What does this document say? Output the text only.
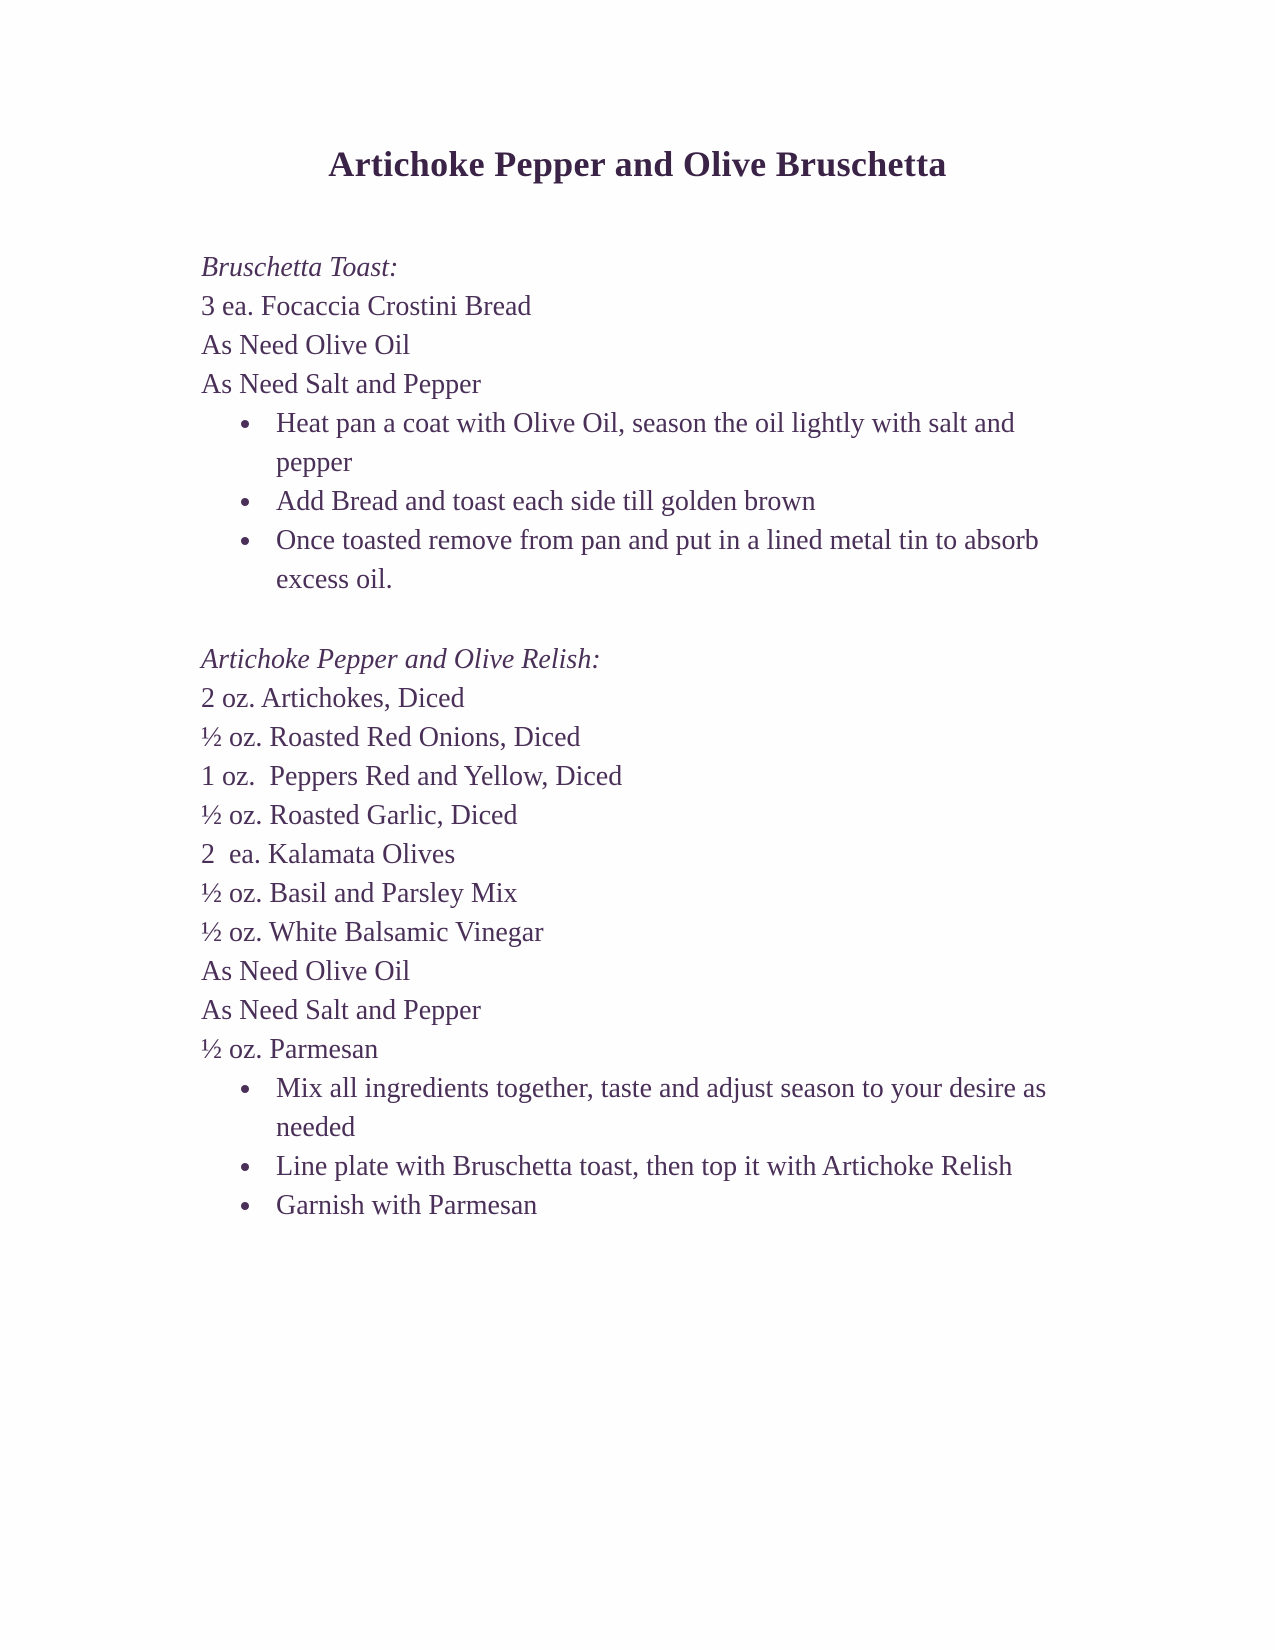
Artichoke Pepper and Olive Bruschetta
Bruschetta Toast:
3 ea. Focaccia Crostini Bread
As Need Olive Oil
As Need Salt and Pepper
Heat pan a coat with Olive Oil, season the oil lightly with salt and pepper
Add Bread and toast each side till golden brown
Once toasted remove from pan and put in a lined metal tin to absorb excess oil.
Artichoke Pepper and Olive Relish:
2 oz. Artichokes, Diced
½ oz. Roasted Red Onions, Diced
1 oz.  Peppers Red and Yellow, Diced
½ oz. Roasted Garlic, Diced
2  ea. Kalamata Olives
½ oz. Basil and Parsley Mix
½ oz. White Balsamic Vinegar
As Need Olive Oil
As Need Salt and Pepper
½ oz. Parmesan
Mix all ingredients together, taste and adjust season to your desire as needed
Line plate with Bruschetta toast, then top it with Artichoke Relish
Garnish with Parmesan
